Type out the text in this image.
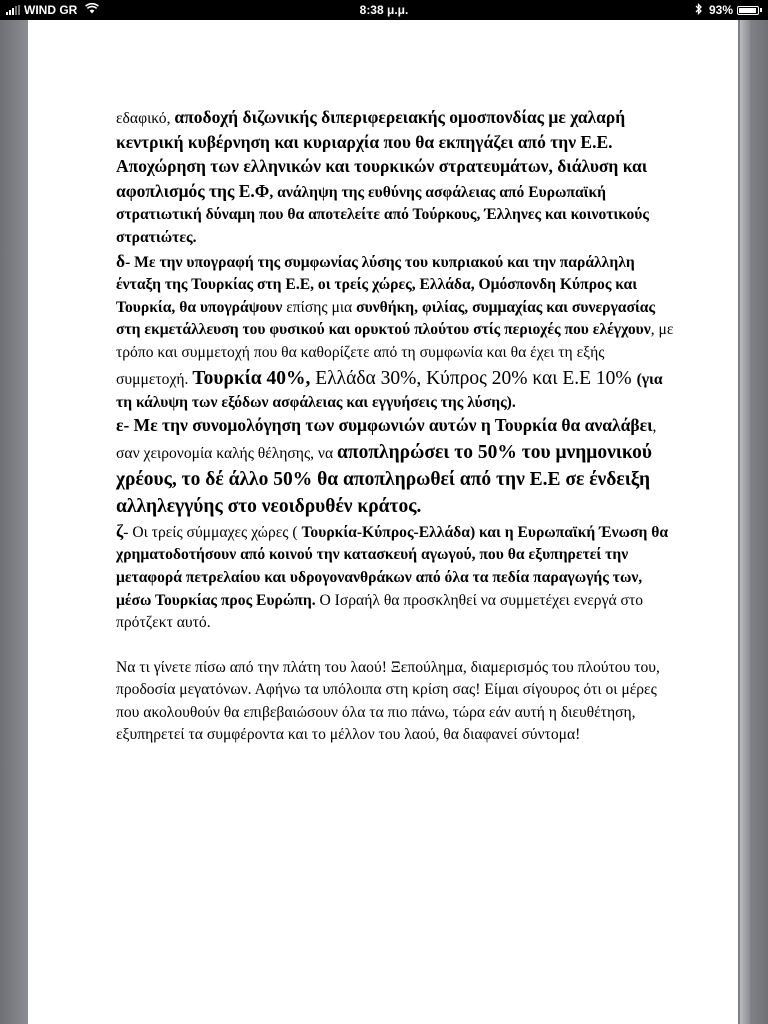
WIND GR	8:38 μ.μ.	93%

εδαφικό, αποδοχή διζωνικής διπεριφερειακής ομοσπονδίας με χαλαρή κεντρική κυβέρνηση και κυριαρχία που θα εκπηγάζει από την Ε.Ε. Αποχώρηση των ελληνικών και τουρκικών στρατευμάτων, διάλυση και αφοπλισμός της Ε.Φ, ανάληψη της ευθύνης ασφάλειας από Ευρωπαϊκή στρατιωτική δύναμη που θα αποτελείτε από Τούρκους, Έλληνες και κοινοτικούς στρατιώτες.

δ- Με την υπογραφή της συμφωνίας λύσης του κυπριακού και την παράλληλη ένταξη της Τουρκίας στη Ε.Ε, οι τρείς χώρες, Ελλάδα, Ομόσπονδη Κύπρος και Τουρκία, θα υπογράψουν επίσης μια συνθήκη, φιλίας, συμμαχίας και συνεργασίας στη εκμετάλλευση του φυσικού και ορυκτού πλούτου στίς περιοχές που ελέγχουν, με τρόπο και συμμετοχή που θα καθορίζετε από τη συμφωνία και θα έχει τη εξής συμμετοχή. Τουρκία 40%, Ελλάδα 30%, Κύπρος 20% και Ε.Ε 10% (για τη κάλυψη των εξόδων ασφάλειας και εγγυήσεις της λύσης).

ε- Με την συνομολόγηση των συμφωνιών αυτών η Τουρκία θα αναλάβει, σαν χειρονομία καλής θέλησης, να αποπληρώσει το 50% του μνημονικού χρέους, το δέ άλλο 50% θα αποπληρωθεί από την Ε.Ε σε ένδειξη αλληλεγγύης στο νεοιδρυθέν κράτος.

ζ- Οι τρείς σύμμαχες χώρες ( Τουρκία-Κύπρος-Ελλάδα) και η Ευρωπαϊκή Ένωση θα χρηματοδοτήσουν από κοινού την κατασκευή αγωγού, που θα εξυπηρετεί την μεταφορά πετρελαίου και υδρογονανθράκων από όλα τα πεδία παραγωγής των, μέσω Τουρκίας προς Ευρώπη. Ο Ισραήλ θα προσκληθεί να συμμετέχει ενεργά στο πρότζεκτ αυτό.

Να τι γίνετε πίσω από την πλάτη του λαού! Ξεπούλημα, διαμερισμός του πλούτου του, προδοσία μεγατόνων. Αφήνω τα υπόλοιπα στη κρίση σας! Είμαι σίγουρος ότι οι μέρες που ακολουθούν θα επιβεβαιώσουν όλα τα πιο πάνω, τώρα εάν αυτή η διευθέτηση, εξυπηρετεί τα συμφέροντα και το μέλλον του λαού, θα διαφανεί σύντομα!
